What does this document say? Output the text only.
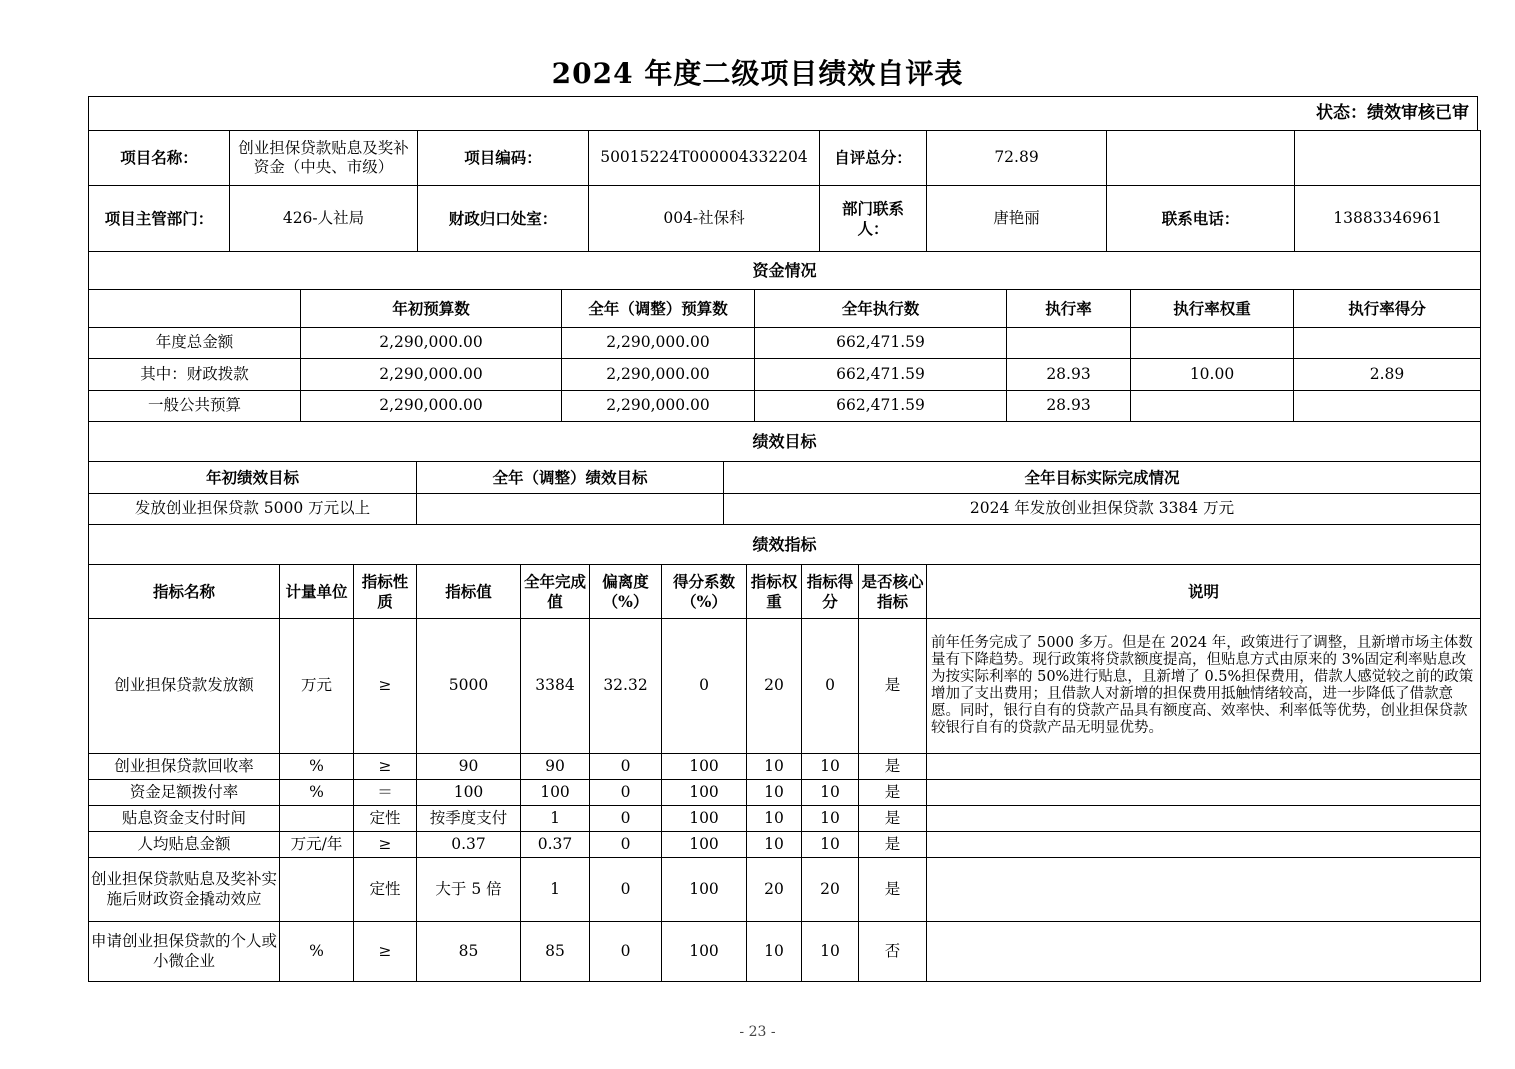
2024 年度二级项目绩效自评表
状态：绩效审核已审
项目名称：	创业担保贷款贴息及奖补资金（中央、市级）	项目编码：	50015224T000004332204	自评总分：	72.89		
项目主管部门：	426-人社局	财政归口处室：	004-社保科	部门联系人：	唐艳丽	联系电话：	13883346961
资金情况						
	年初预算数	全年（调整）预算数	全年执行数	执行率	执行率权重	执行率得分
年度总金额	2,290,000.00	2,290,000.00	662,471.59			
其中：财政拨款	2,290,000.00	2,290,000.00	662,471.59	28.93	10.00	2.89
一般公共预算	2,290,000.00	2,290,000.00	662,471.59	28.93		
绩效目标		
年初绩效目标	全年（调整）绩效目标	全年目标实际完成情况
发放创业担保贷款 5000 万元以上		2024 年发放创业担保贷款 3384 万元
绩效指标										
指标名称	计量单位	指标性质	指标值	全年完成值	偏离度（%）	得分系数（%）	指标权重	指标得分	是否核心指标	说明
创业担保贷款发放额	万元	≥	5000	3384	32.32	0	20	0	是	前年任务完成了 5000 多万。但是在 2024 年，政策进行了调整，且新增市场主体数量有下降趋势。现行政策将贷款额度提高，但贴息方式由原来的 3%固定利率贴息改为按实际利率的 50%进行贴息，且新增了 0.5%担保费用，借款人感觉较之前的政策增加了支出费用；且借款人对新增的担保费用抵触情绪较高，进一步降低了借款意愿。同时，银行自有的贷款产品具有额度高、效率快、利率低等优势，创业担保贷款较银行自有的贷款产品无明显优势。
创业担保贷款回收率	%	≥	90	90	0	100	10	10	是	
资金足额拨付率	%	＝	100	100	0	100	10	10	是	
贴息资金支付时间		定性	按季度支付	1	0	100	10	10	是	
人均贴息金额	万元/年	≥	0.37	0.37	0	100	10	10	是	
创业担保贷款贴息及奖补实施后财政资金撬动效应		定性	大于 5 倍	1	0	100	20	20	是	
申请创业担保贷款的个人或小微企业	%	≥	85	85	0	100	10	10	否	
- 23 -
